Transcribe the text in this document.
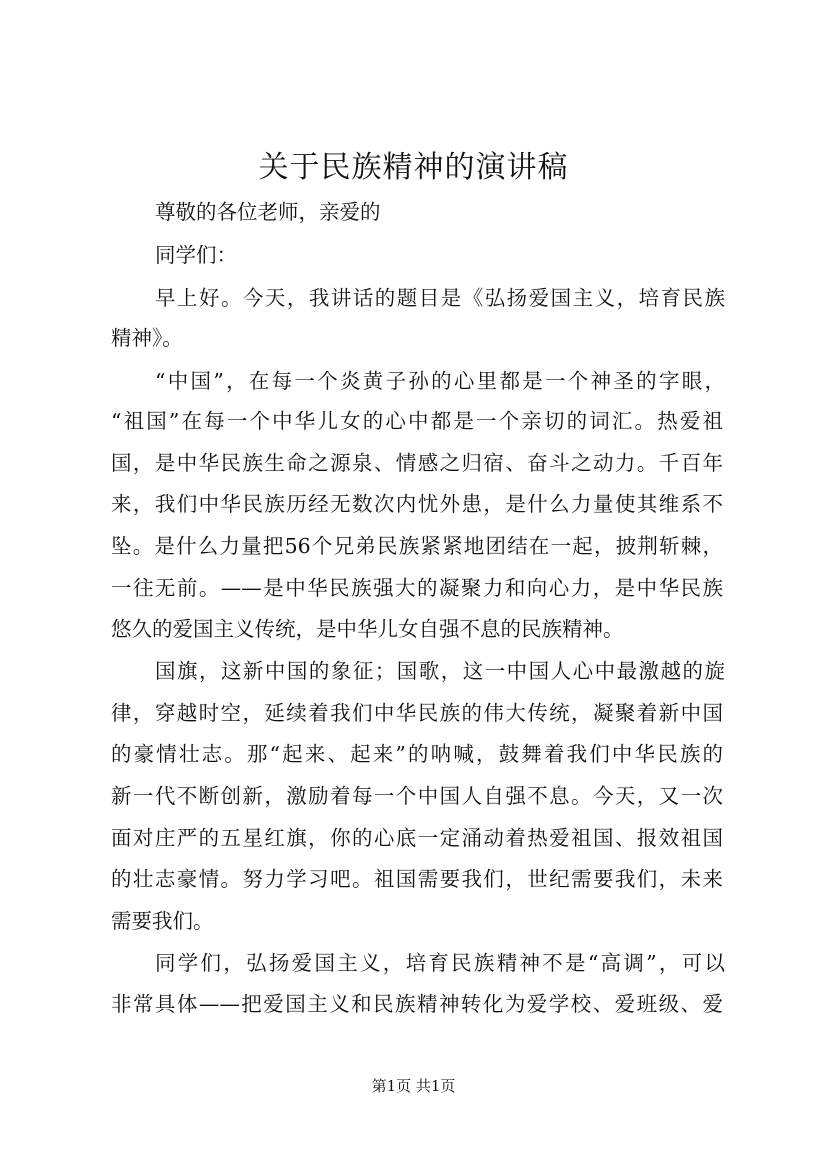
关于民族精神的演讲稿

尊敬的各位老师，亲爱的

同学们：

早上好。今天，我讲话的题目是《弘扬爱国主义，培育民族

精神》。

“中国”，在每一个炎黄子孙的心里都是一个神圣的字眼，

“祖国”在每一个中华儿女的心中都是一个亲切的词汇。热爱祖

国，是中华民族生命之源泉、情感之归宿、奋斗之动力。千百年

来，我们中华民族历经无数次内忧外患，是什么力量使其维系不

坠。是什么力量把56个兄弟民族紧紧地团结在一起，披荆斩棘，

一往无前。——是中华民族强大的凝聚力和向心力，是中华民族

悠久的爱国主义传统，是中华儿女自强不息的民族精神。

国旗，这新中国的象征；国歌，这一中国人心中最激越的旋

律，穿越时空，延续着我们中华民族的伟大传统，凝聚着新中国

的豪情壮志。那“起来、起来”的呐喊，鼓舞着我们中华民族的

新一代不断创新，激励着每一个中国人自强不息。今天，又一次

面对庄严的五星红旗，你的心底一定涌动着热爱祖国、报效祖国

的壮志豪情。努力学习吧。祖国需要我们，世纪需要我们，未来

需要我们。

同学们，弘扬爱国主义，培育民族精神不是“高调”，可以

非常具体——把爱国主义和民族精神转化为爱学校、爱班级、爱

第1页 共1页
